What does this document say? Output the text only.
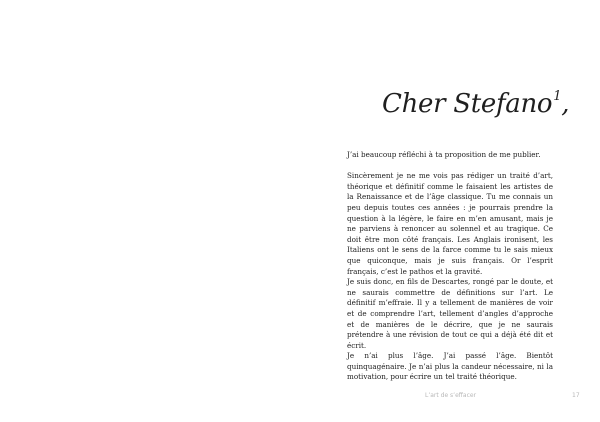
Cher Stefano$^1$,

J’ai beaucoup réfléchi à ta proposition de me publier.

Sincèrement je ne me vois pas rédiger un traité d’art, théorique et définitif comme le faisaient les artistes de la Renaissance et de l’âge classique. Tu me connais un peu depuis toutes ces années : je pourrais prendre la question à la légère, le faire en m’en amusant, mais je ne parviens à renoncer au solennel et au tragique. Ce doit être mon côté français. Les Anglais ironisent, les Italiens ont le sens de la farce comme tu le sais mieux que quiconque, mais je suis français. Or l’esprit français, c’est le pathos et la gravité.

Je suis donc, en fils de Descartes, rongé par le doute, et ne saurais commettre de définitions sur l’art. Le définitif m’effraie. Il y a tellement de manières de voir et de comprendre l’art, tellement d’angles d’approche et de manières de le décrire, que je ne saurais prétendre à une révision de tout ce qui a déjà été dit et écrit.

Je n’ai plus l’âge. J’ai passé l’âge. Bientôt quinquagénaire. Je n’ai plus la candeur nécessaire, ni la motivation, pour écrire un tel traité théorique.

L’art de s’effacer	17
